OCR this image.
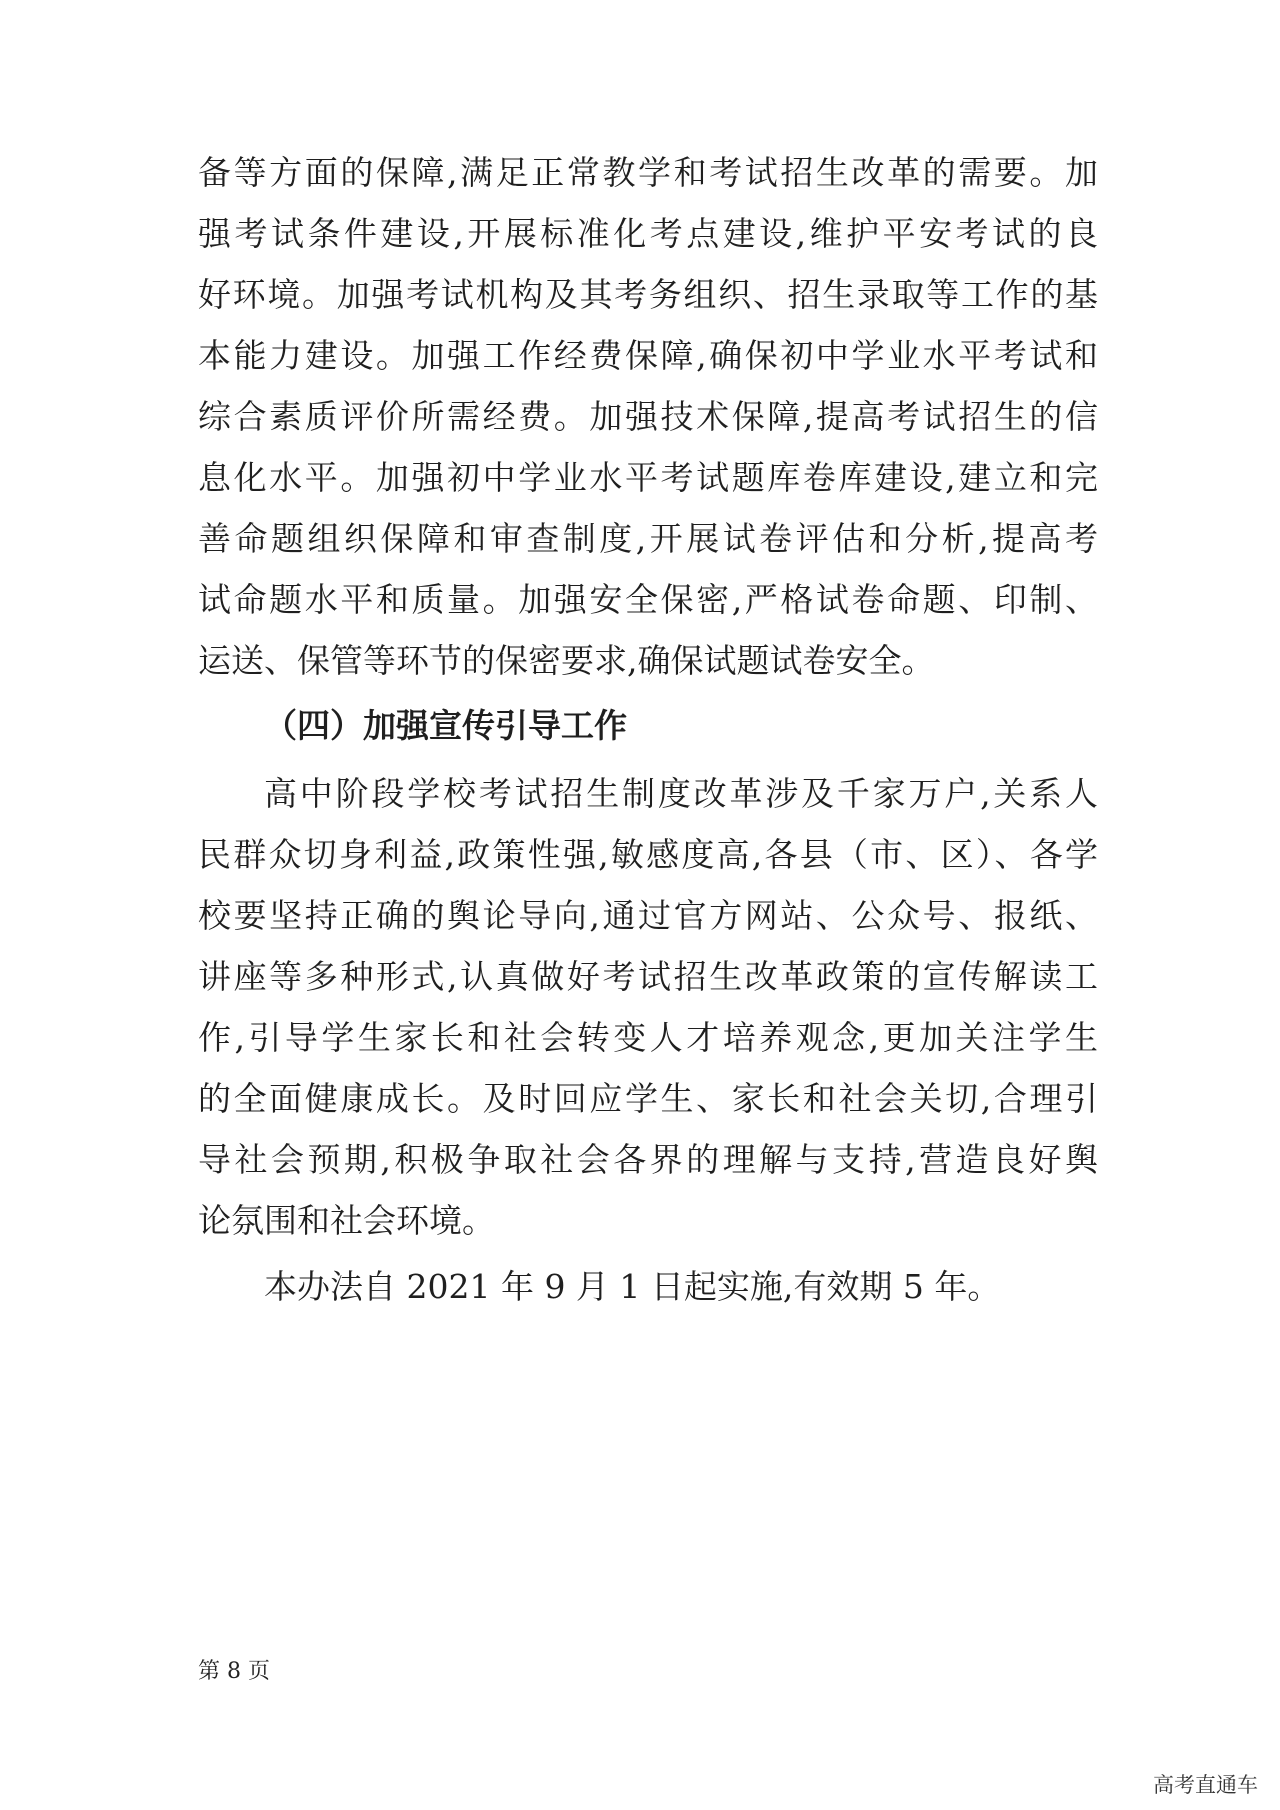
备等方面的保障,满足正常教学和考试招生改革的需要。加
强考试条件建设,开展标准化考点建设,维护平安考试的良
好环境。加强考试机构及其考务组织、招生录取等工作的基
本能力建设。加强工作经费保障,确保初中学业水平考试和
综合素质评价所需经费。加强技术保障,提高考试招生的信
息化水平。加强初中学业水平考试题库卷库建设,建立和完
善命题组织保障和审查制度,开展试卷评估和分析,提高考
试命题水平和质量。加强安全保密,严格试卷命题、印制、
运送、保管等环节的保密要求,确保试题试卷安全。
（四）加强宣传引导工作
高中阶段学校考试招生制度改革涉及千家万户,关系人
民群众切身利益,政策性强,敏感度高,各县（市、区）、各学
校要坚持正确的舆论导向,通过官方网站、公众号、报纸、
讲座等多种形式,认真做好考试招生改革政策的宣传解读工
作,引导学生家长和社会转变人才培养观念,更加关注学生
的全面健康成长。及时回应学生、家长和社会关切,合理引
导社会预期,积极争取社会各界的理解与支持,营造良好舆
论氛围和社会环境。
本办法自 2021 年 9 月 1 日起实施,有效期 5 年。
第 8 页
高考直通车
